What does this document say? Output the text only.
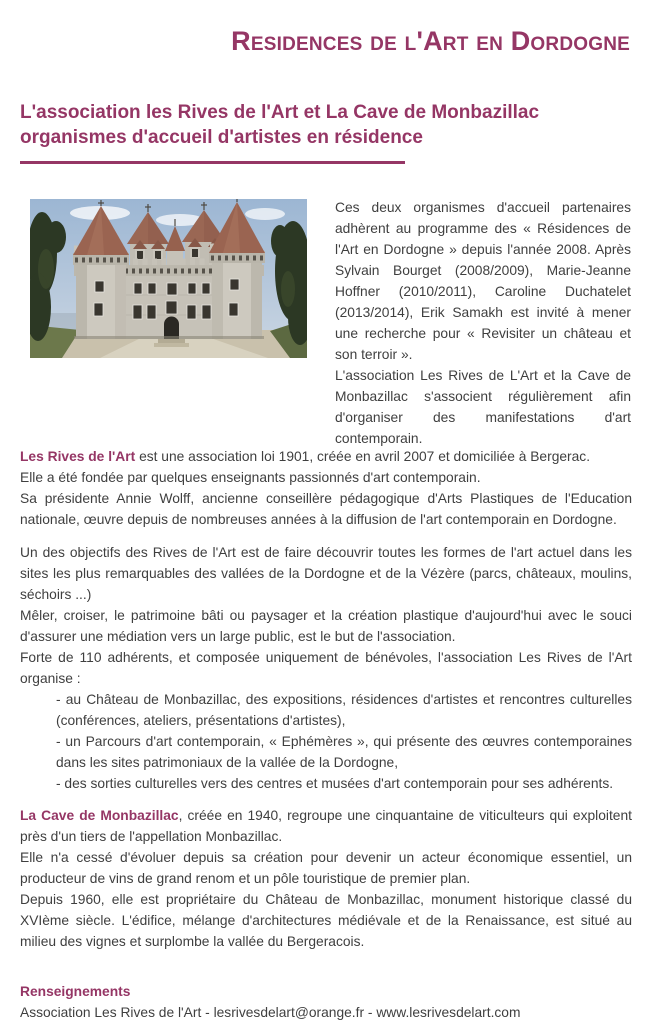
Residences de l'Art en Dordogne
L'association les Rives de l'Art et La Cave de Monbazillac
organismes d'accueil d'artistes en résidence

Ces deux organismes d'accueil partenaires adhèrent au programme des « Résidences de l'Art en Dordogne » depuis l'année 2008. Après Sylvain Bourget (2008/2009), Marie-Jeanne Hoffner (2010/2011), Caroline Duchatelet (2013/2014), Erik Samakh est invité à mener une recherche pour « Revisiter un château et son terroir ».

L'association Les Rives de L'Art et la Cave de Monbazillac s'associent régulièrement afin d'organiser des manifestations d'art contemporain.

Les Rives de l'Art est une association loi 1901, créée en avril 2007 et domiciliée à Bergerac.
Elle a été fondée par quelques enseignants passionnés d'art contemporain.
Sa présidente Annie Wolff, ancienne conseillère pédagogique d'Arts Plastiques de l'Education nationale, œuvre depuis de nombreuses années à la diffusion de l'art contemporain en Dordogne.

Un des objectifs des Rives de l'Art est de faire découvrir toutes les formes de l'art actuel dans les sites les plus remarquables des vallées de la Dordogne et de la Vézère (parcs, châteaux, moulins, séchoirs ...)
Mêler, croiser, le patrimoine bâti ou paysager et la création plastique d'aujourd'hui avec le souci d'assurer une médiation vers un large public, est le but de l'association.
Forte de 110 adhérents, et composée uniquement de bénévoles, l'association Les Rives de l'Art organise :

- au Château de Monbazillac, des expositions, résidences d'artistes et rencontres culturelles (conférences, ateliers, présentations d'artistes),
- un Parcours d'art contemporain, « Ephémères », qui présente des œuvres contemporaines dans les sites patrimoniaux de la vallée de la Dordogne,
- des sorties culturelles vers des centres et musées d'art contemporain pour ses adhérents.

La Cave de Monbazillac, créée en 1940, regroupe une cinquantaine de viticulteurs qui exploitent près d'un tiers de l'appellation Monbazillac.
Elle n'a cessé d'évoluer depuis sa création pour devenir un acteur économique essentiel, un producteur de vins de grand renom et un pôle touristique de premier plan.
Depuis 1960, elle est propriétaire du Château de Monbazillac, monument historique classé du XVIème siècle. L'édifice, mélange d'architectures médiévale et de la Renaissance, est situé au milieu des vignes et surplombe la vallée du Bergeracois.

Renseignements
Association Les Rives de l'Art - lesrivesdelart@orange.fr - www.lesrivesdelart.com
